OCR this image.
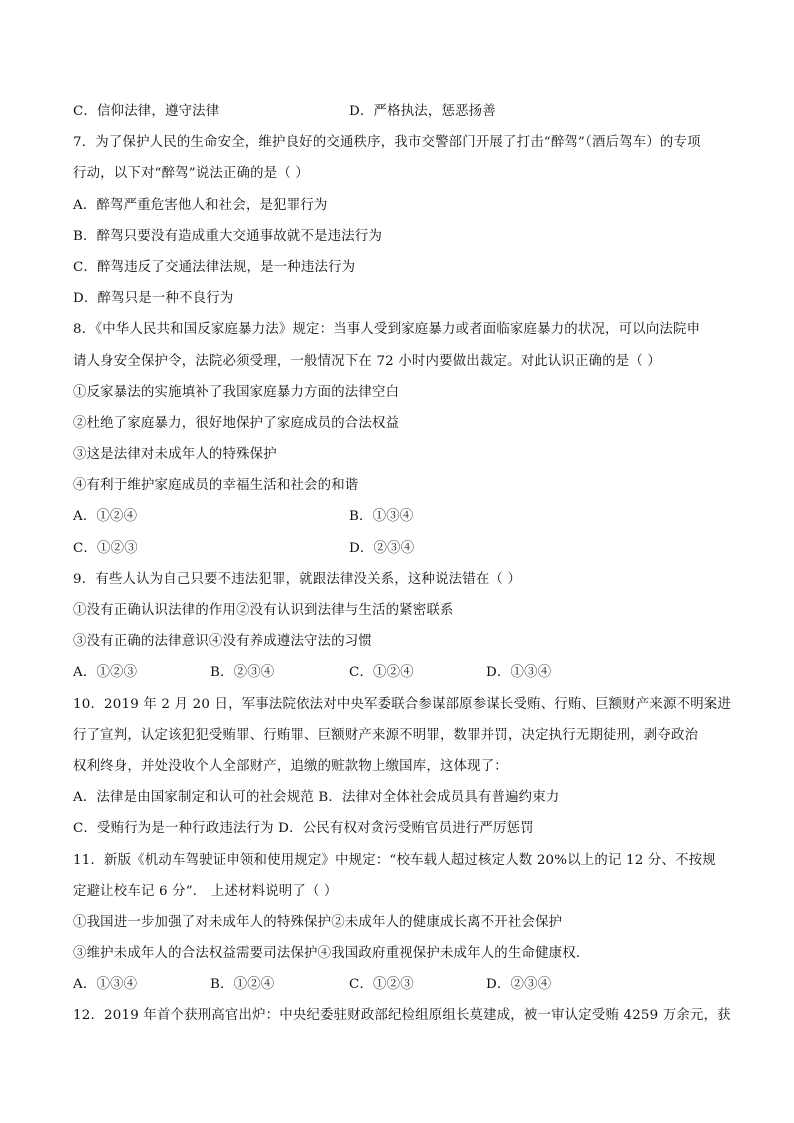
C．信仰法律，遵守法律	D．严格执法，惩恶扬善
7．为了保护人民的生命安全，维护良好的交通秩序，我市交警部门开展了打击“醉驾”（酒后驾车）的专项
行动，以下对“醉驾”说法正确的是（ ）
A．醉驾严重危害他人和社会，是犯罪行为
B．醉驾只要没有造成重大交通事故就不是违法行为
C．醉驾违反了交通法律法规，是一种违法行为
D．醉驾只是一种不良行为
8．《中华人民共和国反家庭暴力法》规定：当事人受到家庭暴力或者面临家庭暴力的状况，可以向法院申
请人身安全保护令，法院必须受理，一般情况下在 72 小时内要做出裁定。对此认识正确的是（ ）
①反家暴法的实施填补了我国家庭暴力方面的法律空白
②杜绝了家庭暴力，很好地保护了家庭成员的合法权益
③这是法律对未成年人的特殊保护
④有利于维护家庭成员的幸福生活和社会的和谐
A．①②④	B．①③④
C．①②③	D．②③④
9．有些人认为自己只要不违法犯罪，就跟法律没关系，这种说法错在（ ）
①没有正确认识法律的作用②没有认识到法律与生活的紧密联系
③没有正确的法律意识④没有养成遵法守法的习惯
A．①②③	B．②③④	C．①②④	D．①③④
10．2019 年 2 月 20 日，军事法院依法对中央军委联合参谋部原参谋长受贿、行贿、巨额财产来源不明案进
行了宣判，认定该犯犯受贿罪、行贿罪、巨额财产来源不明罪，数罪并罚，决定执行无期徒刑，剥夺政治
权利终身，并处没收个人全部财产，追缴的赃款物上缴国库，这体现了：
A．法律是由国家制定和认可的社会规范 B．法律对全体社会成员具有普遍约束力
C．受贿行为是一种行政违法行为 D．公民有权对贪污受贿官员进行严厉惩罚
11．新版《机动车驾驶证申领和使用规定》中规定：“校车载人超过核定人数 20%以上的记 12 分、不按规
定避让校车记 6 分”． 上述材料说明了（ ）
①我国进一步加强了对未成年人的特殊保护②未成年人的健康成长离不开社会保护
③维护未成年人的合法权益需要司法保护④我国政府重视保护未成年人的生命健康权．
A．①③④	B．①②④	C．①②③	D．②③④
12．2019 年首个获刑高官出炉：中央纪委驻财政部纪检组原组长莫建成，被一审认定受贿 4259 万余元，获
